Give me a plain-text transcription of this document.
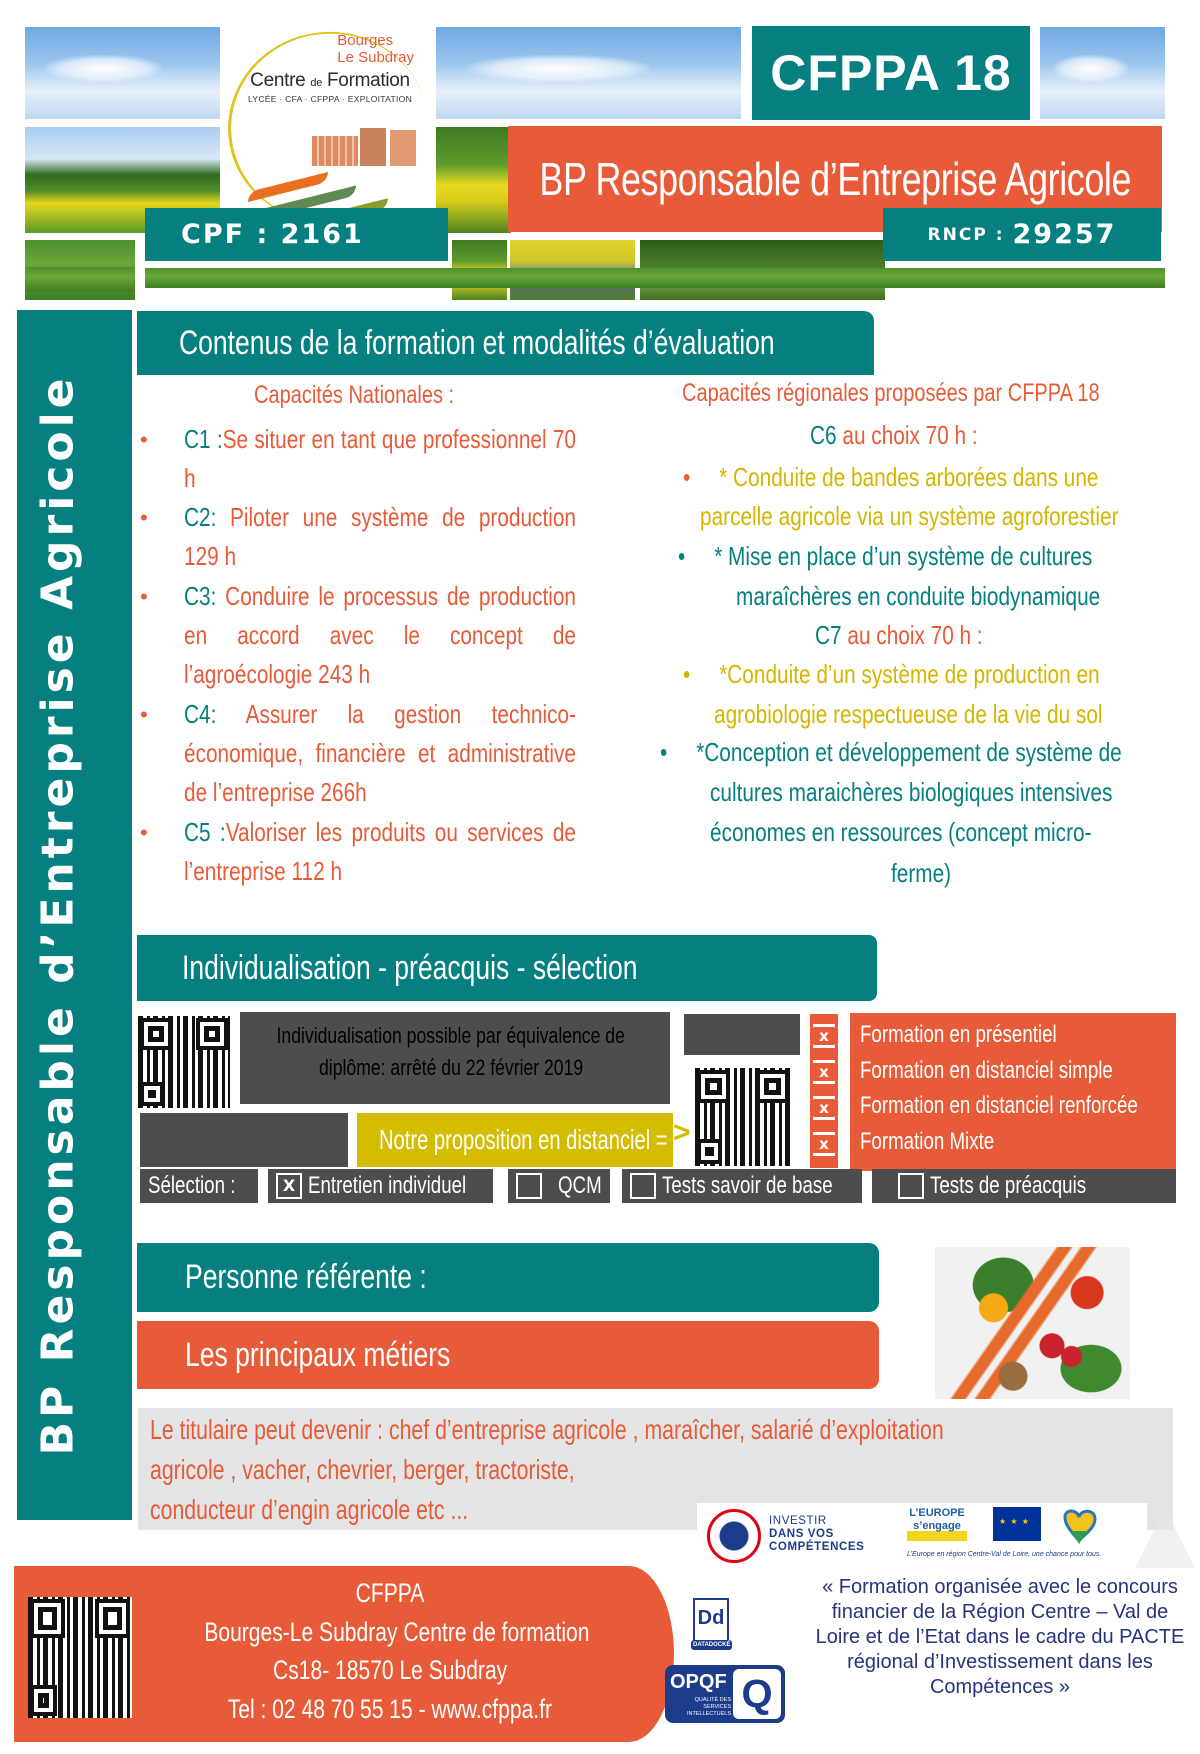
Bourges
Le Subdray
Centre de Formation
LYCÉE · CFA · CFPPA · EXPLOITATION	CFPPA 18
BP Responsable d’Entreprise Agricole
CPF : 2161	RNCP : 29257
BP Responsable d’Entreprise Agricole
Contenus de la formation et modalités d’évaluation
Capacités Nationales :
• C1 :Se situer en tant que professionnel 70 h
• C2: Piloter une système de production 129 h
• C3: Conduire le processus de production en accord avec le concept de l’agroécologie 243 h
• C4: Assurer la gestion technico-économique, financière et administrative de l’entreprise 266h
• C5 :Valoriser les produits ou services de l’entreprise 112 h
Capacités régionales proposées par CFPPA 18
C6 au choix 70 h :
•     * Conduite de bandes arborées dans une
parcelle agricole via un système agroforestier
•     * Mise en place d’un système de cultures
maraîchères en conduite biodynamique
C7 au choix 70 h :
•     *Conduite d’un système de production en
agrobiologie respectueuse de la vie du sol
•     *Conception et développement de système de
cultures maraichères biologiques intensives
économes en ressources (concept micro-
ferme)
Individualisation - préacquis - sélection
Individualisation possible par équivalence de
diplôme: arrêté du 22 février 2019
Notre proposition en distanciel = >
x
x
x
x
Formation en présentiel
Formation en distanciel simple
Formation en distanciel renforcée
Formation Mixte
Sélection :	X Entretien individuel	QCM	Tests savoir de base	Tests de préacquis
Personne référente :
Les principaux métiers
Le titulaire peut devenir : chef d’entreprise agricole , maraîcher, salarié d’exploitation
agricole , vacher, chevrier, berger, tractoriste,
conducteur d’engin agricole etc ...	INVESTIR
DANS VOS
COMPÉTENCES
L’EUROPE s’engage
★ ★ ★
L’Europe en région Centre-Val de Loire, une chance pour tous.
« Formation organisée avec le concours financier de la Région Centre – Val de Loire et de l’Etat dans le cadre du PACTE régional d’Investissement dans les Compétences »
CFPPA
Bourges-Le Subdray Centre de formation
Cs18- 18570 Le Subdray
Tel : 02 48 70 55 15 - www.cfppa.fr
Dd
DATADOCKÉ
OPQF
QUALITÉ DES SERVICES INTELLECTUELS Q
